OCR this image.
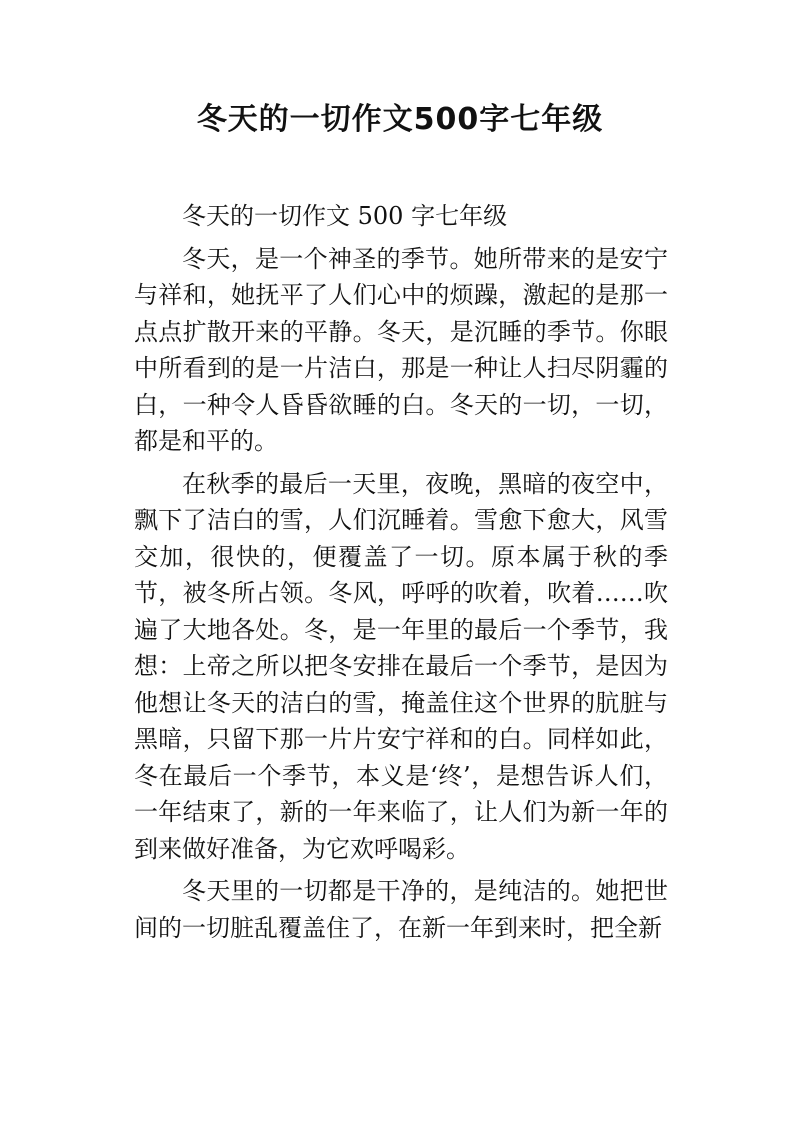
冬天的一切作文500字七年级

冬天的一切作文 500 字七年级

冬天，是一个神圣的季节。她所带来的是安宁与祥和，她抚平了人们心中的烦躁，激起的是那一点点扩散开来的平静。冬天，是沉睡的季节。你眼中所看到的是一片洁白，那是一种让人扫尽阴霾的白，一种令人昏昏欲睡的白。冬天的一切，一切，都是和平的。

在秋季的最后一天里，夜晚，黑暗的夜空中，飘下了洁白的雪，人们沉睡着。雪愈下愈大，风雪交加，很快的，便覆盖了一切。原本属于秋的季节，被冬所占领。冬风，呼呼的吹着，吹着……吹遍了大地各处。冬，是一年里的最后一个季节，我想：上帝之所以把冬安排在最后一个季节，是因为他想让冬天的洁白的雪，掩盖住这个世界的肮脏与黑暗，只留下那一片片安宁祥和的白。同样如此，冬在最后一个季节，本义是‘终’，是想告诉人们，一年结束了，新的一年来临了，让人们为新一年的到来做好准备，为它欢呼喝彩。

冬天里的一切都是干净的，是纯洁的。她把世间的一切脏乱覆盖住了，在新一年到来时，把全新
